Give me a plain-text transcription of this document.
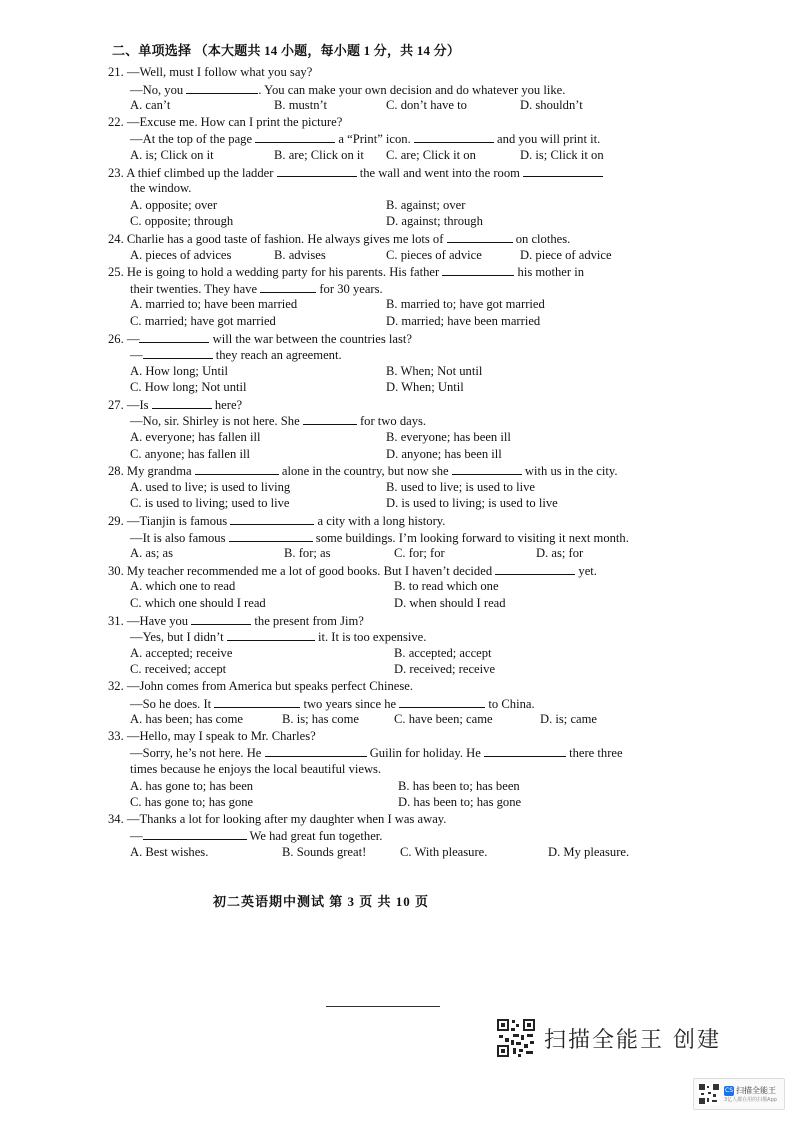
二、单项选择 （本大题共 14 小题，每小题 1 分，共 14 分）
21. —Well, must I follow what you say?
—No, you	. You can make your own decision and do whatever you like.
A. can’t	B. mustn’t	C. don’t have to	D. shouldn’t
22. —Excuse me. How can I print the picture?
—At the top of the page	a “Print” icon.	and you will print it.
A. is; Click on it	B. are; Click on it C. are; Click it on	D. is; Click it on
23. A thief climbed up the ladder	the wall and went into the room
the window.
A. opposite; over	B. against; over
C. opposite; through	D. against; through
24. Charlie has a good taste of fashion. He always gives me lots of	on clothes.
A. pieces of advices	B. advises	C. pieces of advice	D. piece of advice
25. He is going to hold a wedding party for his parents. His father	his mother in
their twenties. They have	for 30 years.
A. married to; have been married	B. married to; have got married
C. married; have got married	D. married; have been married
26. —	will the war between the countries last?
—	they reach an agreement.
A. How long; Until	B. When; Not until
C. How long; Not until	D. When; Until
27. —Is	here?
—No, sir. Shirley is not here. She	for two days.
A. everyone; has fallen ill	B. everyone; has been ill
C. anyone; has fallen ill	D. anyone; has been ill
28. My grandma	alone in the country, but now she	with us in the city.
A. used to live; is used to living	B. used to live; is used to live
C. is used to living; used to live	D. is used to living; is used to live
29. —Tianjin is famous	a city with a long history.
—It is also famous	some buildings. I’m looking forward to visiting it next month.
A. as; as	B. for; as	C. for; for	D. as; for
30. My teacher recommended me a lot of good books. But I haven’t decided	yet.
A. which one to read	B. to read which one
C. which one should I read	D. when should I read
31. —Have you	the present from Jim?
—Yes, but I didn’t	it. It is too expensive.
A. accepted; receive	B. accepted; accept
C. received; accept	D. received; receive
32. —John comes from America but speaks perfect Chinese.
—So he does. It	two years since he	to China.
A. has been; has come	B. is; has come	C. have been; came	D. is; came
33. —Hello, may I speak to Mr. Charles?
—Sorry, he’s not here. He	Guilin for holiday. He	there three
times because he enjoys the local beautiful views.
A. has gone to; has been	B. has been to; has been
C. has gone to; has gone	D. has been to; has gone
34. —Thanks a lot for looking after my daughter when I was away.
—	We had great fun together.
A. Best wishes.	B. Sounds great!	C. With pleasure.	D. My pleasure.
初二英语期中测试 第 3 页 共 10 页
扫描全能王 创建
CS 扫描全能王
3亿人都在用的扫描App
